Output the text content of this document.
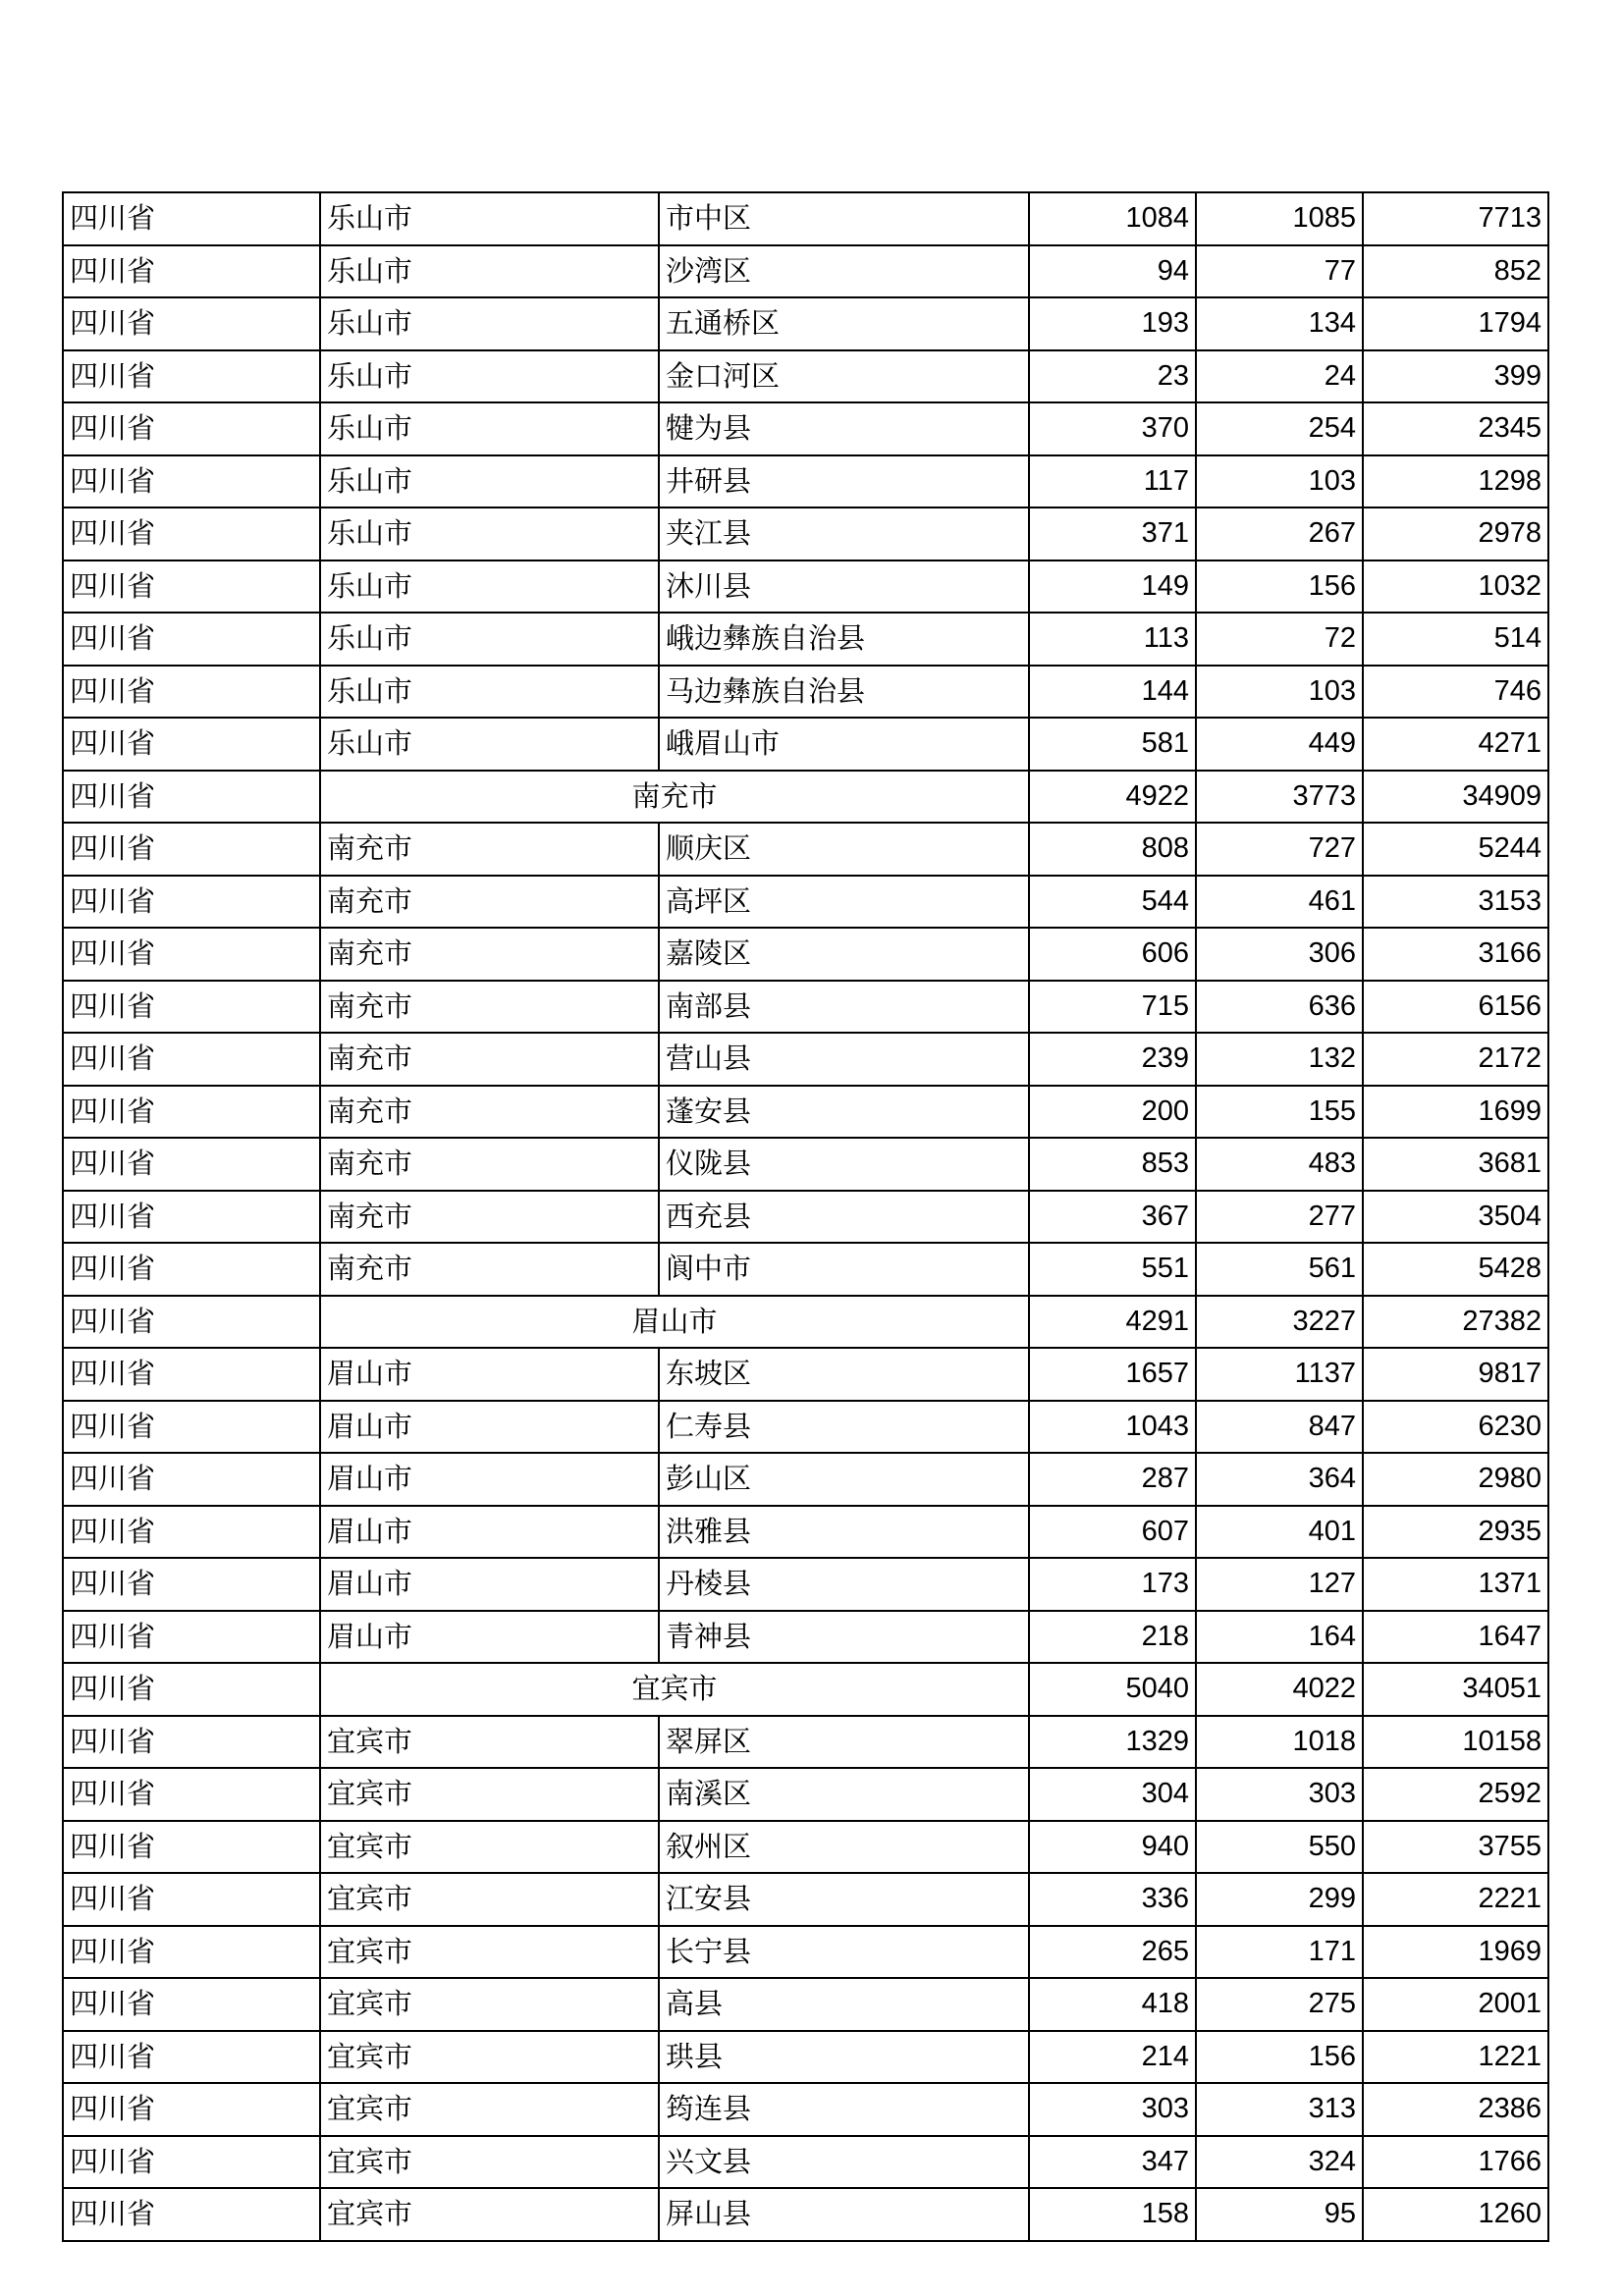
四川省	乐山市	市中区	1084	1085	7713
四川省	乐山市	沙湾区	94	77	852
四川省	乐山市	五通桥区	193	134	1794
四川省	乐山市	金口河区	23	24	399
四川省	乐山市	犍为县	370	254	2345
四川省	乐山市	井研县	117	103	1298
四川省	乐山市	夹江县	371	267	2978
四川省	乐山市	沐川县	149	156	1032
四川省	乐山市	峨边彝族自治县	113	72	514
四川省	乐山市	马边彝族自治县	144	103	746
四川省	乐山市	峨眉山市	581	449	4271
四川省	南充市		4922	3773	34909
四川省	南充市	顺庆区	808	727	5244
四川省	南充市	高坪区	544	461	3153
四川省	南充市	嘉陵区	606	306	3166
四川省	南充市	南部县	715	636	6156
四川省	南充市	营山县	239	132	2172
四川省	南充市	蓬安县	200	155	1699
四川省	南充市	仪陇县	853	483	3681
四川省	南充市	西充县	367	277	3504
四川省	南充市	阆中市	551	561	5428
四川省	眉山市		4291	3227	27382
四川省	眉山市	东坡区	1657	1137	9817
四川省	眉山市	仁寿县	1043	847	6230
四川省	眉山市	彭山区	287	364	2980
四川省	眉山市	洪雅县	607	401	2935
四川省	眉山市	丹棱县	173	127	1371
四川省	眉山市	青神县	218	164	1647
四川省	宜宾市		5040	4022	34051
四川省	宜宾市	翠屏区	1329	1018	10158
四川省	宜宾市	南溪区	304	303	2592
四川省	宜宾市	叙州区	940	550	3755
四川省	宜宾市	江安县	336	299	2221
四川省	宜宾市	长宁县	265	171	1969
四川省	宜宾市	高县	418	275	2001
四川省	宜宾市	珙县	214	156	1221
四川省	宜宾市	筠连县	303	313	2386
四川省	宜宾市	兴文县	347	324	1766
四川省	宜宾市	屏山县	158	95	1260
